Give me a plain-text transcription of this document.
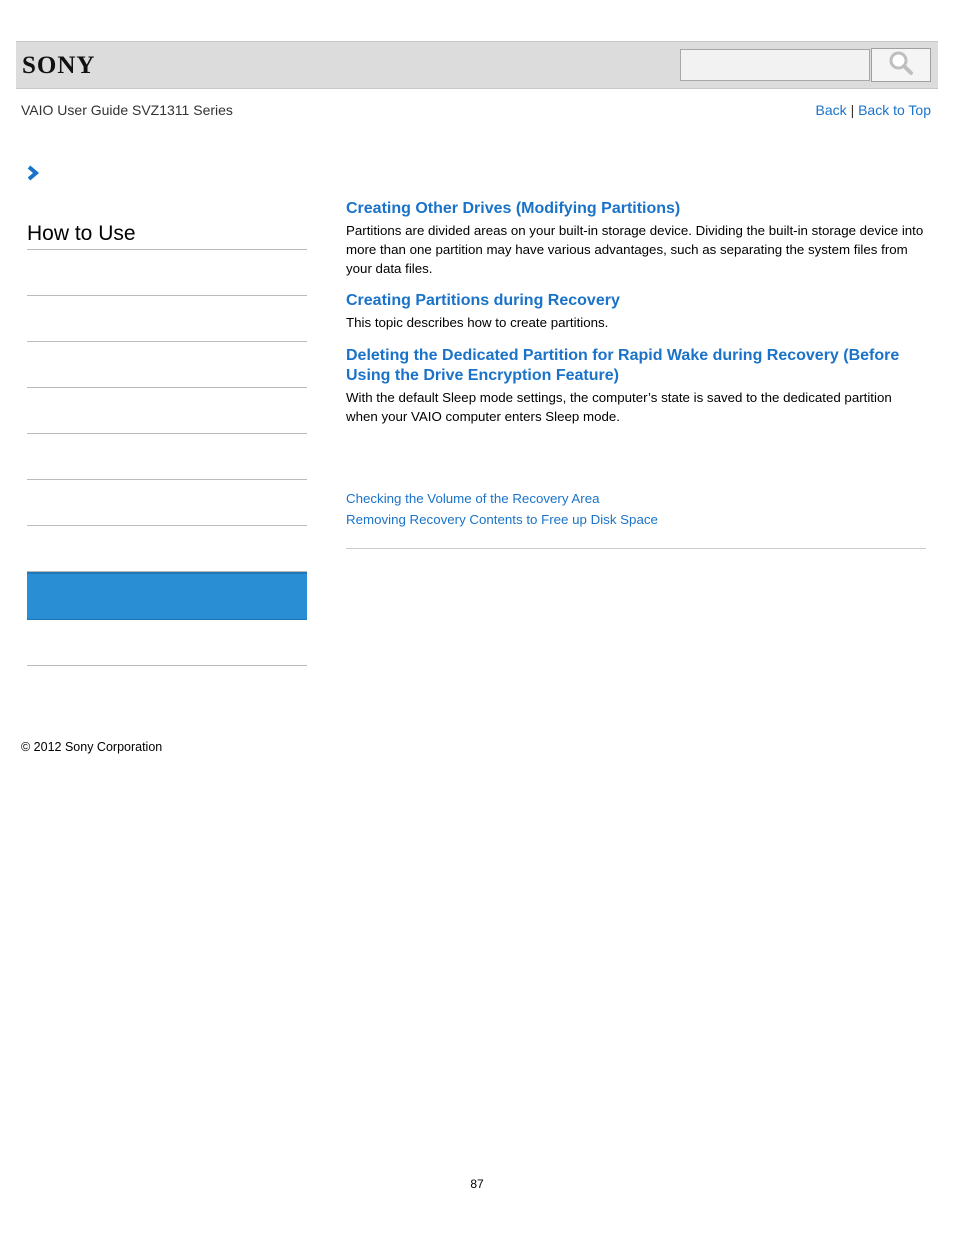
SONY
VAIO User Guide SVZ1311 Series	Back | Back to Top
How to Use
Creating Other Drives (Modifying Partitions)

Partitions are divided areas on your built-in storage device. Dividing the built-in storage device into more than one partition may have various advantages, such as separating the system files from your data files.

Creating Partitions during Recovery

This topic describes how to create partitions.

Deleting the Dedicated Partition for Rapid Wake during Recovery (Before Using the Drive Encryption Feature)

With the default Sleep mode settings, the computer’s state is saved to the dedicated partition when your VAIO computer enters Sleep mode.

Checking the Volume of the Recovery Area
Removing Recovery Contents to Free up Disk Space
© 2012 Sony Corporation
87
